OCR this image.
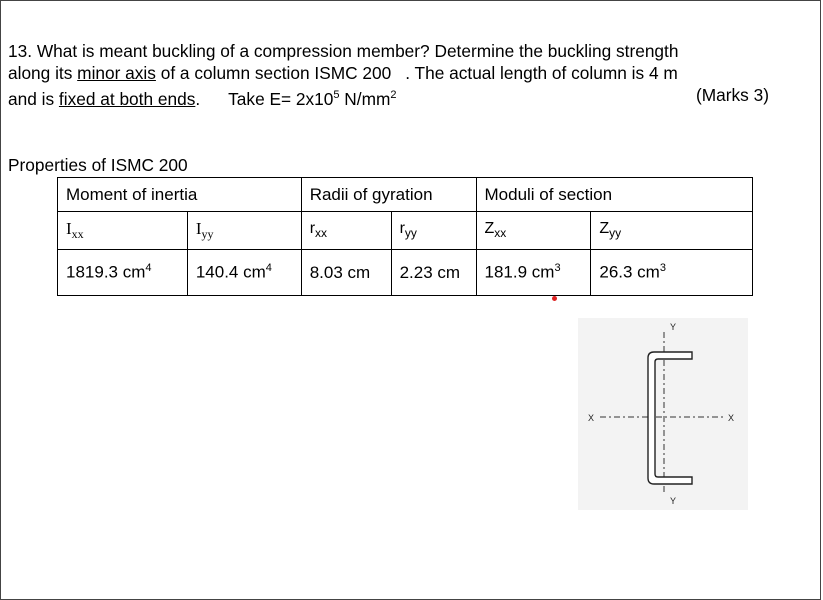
13. What is meant buckling of a compression member? Determine the buckling strength
along its minor axis of a column section ISMC 200 . The actual length of column is 4 m
and is fixed at both ends. Take $E= 2x10^5$ $N/mm^2$	(Marks 3)
Properties of ISMC 200
Moment of inertia		Radii of gyration		Moduli of section	
$I_{xx}$	$I_{yy}$	$r_{xx}$	$r_{yy}$	$Z_{xx}$	$Z_{yy}$
1819.3 $cm^4$	140.4 $cm^4$	8.03 cm	2.23 cm	181.9 $cm^3$	26.3 $cm^3$
Y
Y
X	X
